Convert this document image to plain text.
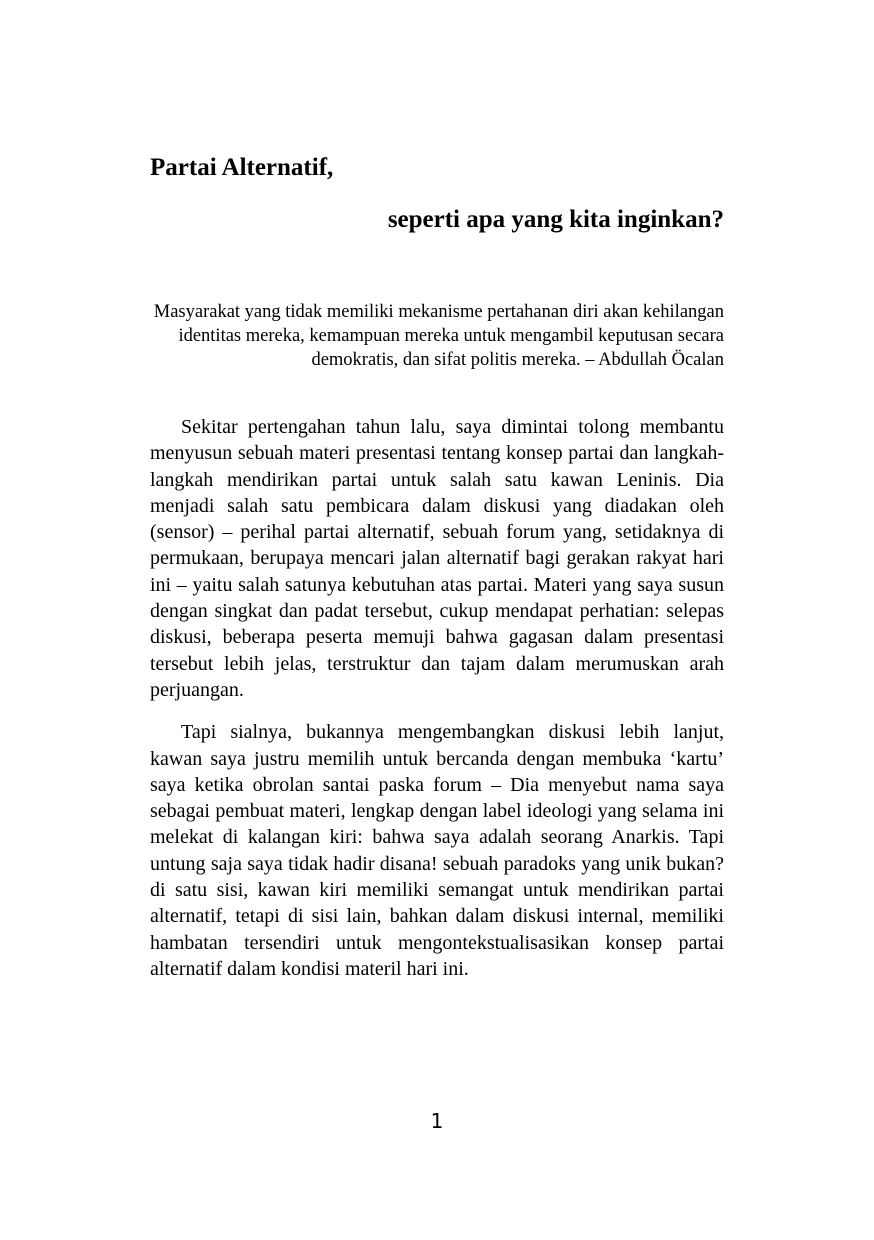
Partai Alternatif,
seperti apa yang kita inginkan?
Masyarakat yang tidak memiliki mekanisme pertahanan diri akan kehilangan identitas mereka, kemampuan mereka untuk mengambil keputusan secara demokratis, dan sifat politis mereka. – Abdullah Öcalan

Sekitar pertengahan tahun lalu, saya dimintai tolong membantu menyusun sebuah materi presentasi tentang konsep partai dan langkah-langkah mendirikan partai untuk salah satu kawan Leninis. Dia menjadi salah satu pembicara dalam diskusi yang diadakan oleh (sensor) – perihal partai alternatif, sebuah forum yang, setidaknya di permukaan, berupaya mencari jalan alternatif bagi gerakan rakyat hari ini – yaitu salah satunya kebutuhan atas partai. Materi yang saya susun dengan singkat dan padat tersebut, cukup mendapat perhatian: selepas diskusi, beberapa peserta memuji bahwa gagasan dalam presentasi tersebut lebih jelas, terstruktur dan tajam dalam merumuskan arah perjuangan.

Tapi sialnya, bukannya mengembangkan diskusi lebih lanjut, kawan saya justru memilih untuk bercanda dengan membuka ‘kartu’ saya ketika obrolan santai paska forum – Dia menyebut nama saya sebagai pembuat materi, lengkap dengan label ideologi yang selama ini melekat di kalangan kiri: bahwa saya adalah seorang Anarkis. Tapi untung saja saya tidak hadir disana! sebuah paradoks yang unik bukan? di satu sisi, kawan kiri memiliki semangat untuk mendirikan partai alternatif, tetapi di sisi lain, bahkan dalam diskusi internal, memiliki hambatan tersendiri untuk mengontekstualisasikan konsep partai alternatif dalam kondisi materil hari ini.

1
